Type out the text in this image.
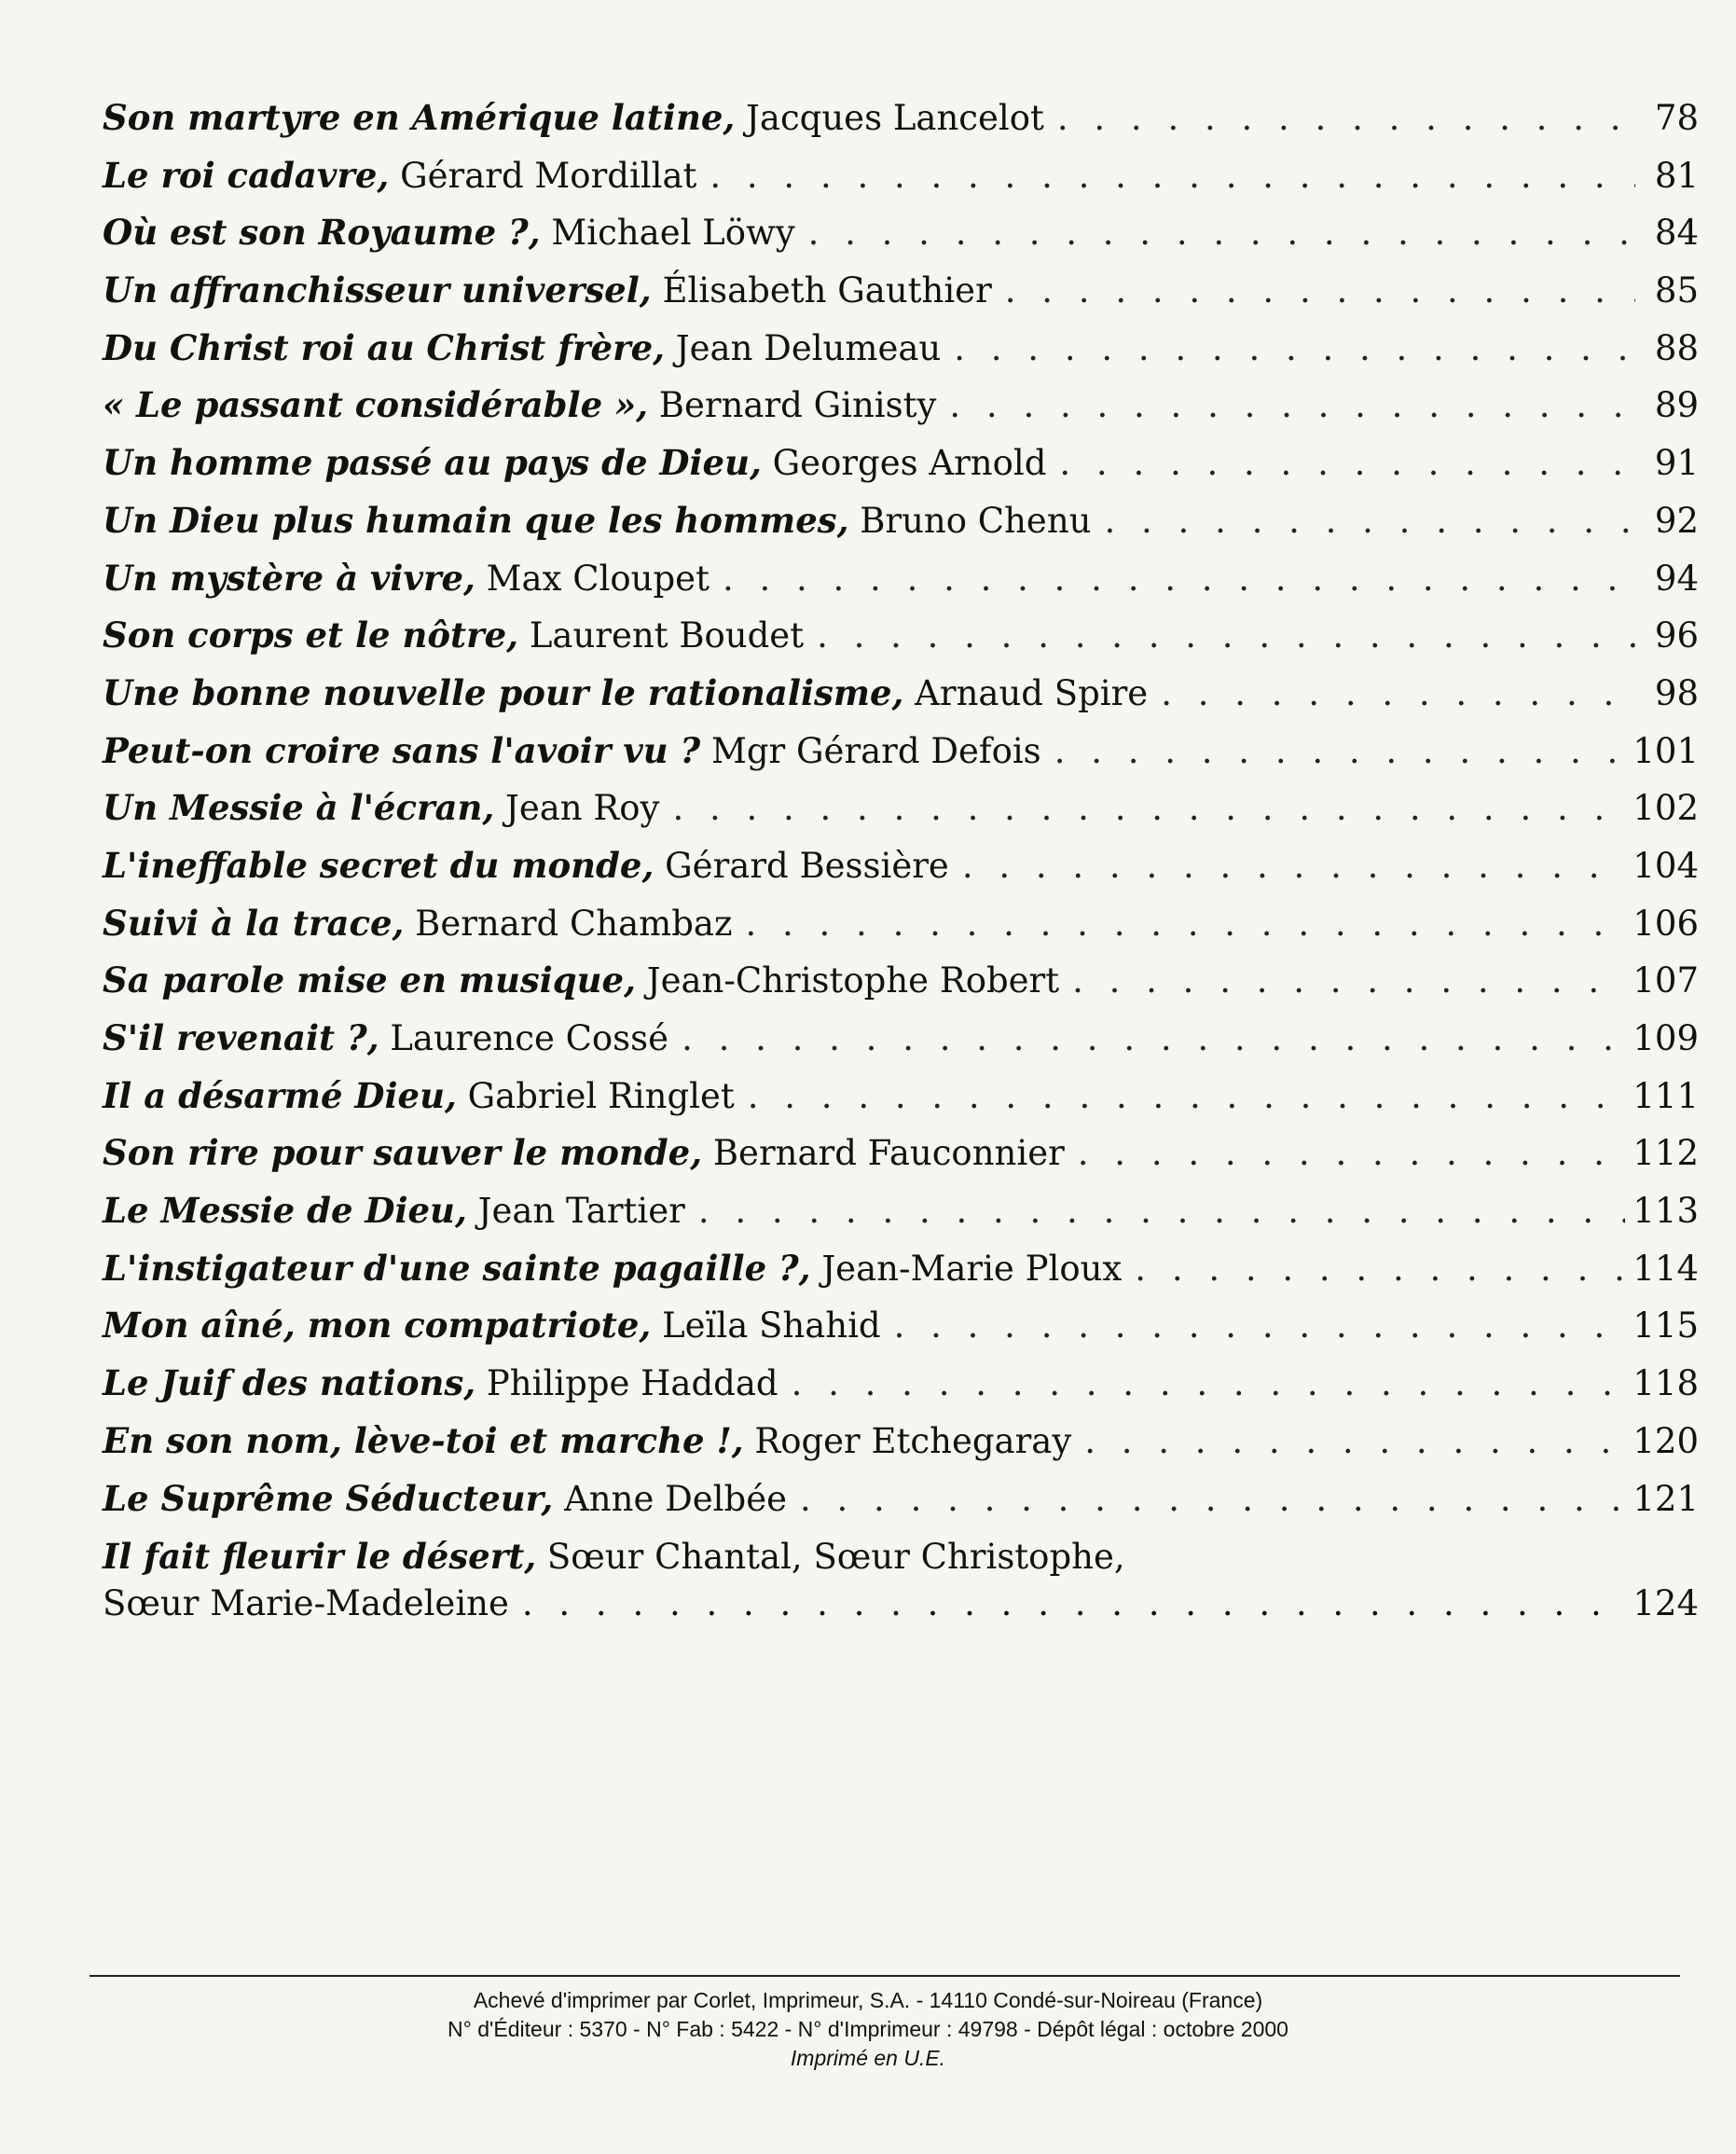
Son martyre en Amérique latine,
Jacques Lancelot . . .	78
Le roi cadavre,
Gérard Mordillat . . .	81
Où est son Royaume ?,
Michael Löwy . . .	84
Un affranchisseur universel,
Élisabeth Gauthier . . .	85
Du Christ roi au Christ frère,
Jean Delumeau . . .	88
« Le passant considérable »,
Bernard Ginisty . . .	89
Un homme passé au pays de Dieu,
Georges Arnold . . .	91
Un Dieu plus humain que les hommes,
Bruno Chenu . . .	92
Un mystère à vivre,
Max Cloupet . . .	94
Son corps et le nôtre,
Laurent Boudet . . .	96
Une bonne nouvelle pour le rationalisme,
Arnaud Spire . . .	98
Peut-on croire sans l'avoir vu ?
Mgr Gérard Defois . . .	101
Un Messie à l'écran,
Jean Roy . . .	102
L'ineffable secret du monde,
Gérard Bessière . . .	104
Suivi à la trace,
Bernard Chambaz . . .	106
Sa parole mise en musique,
Jean-Christophe Robert . . .	107
S'il revenait ?,
Laurence Cossé . . .	109
Il a désarmé Dieu,
Gabriel Ringlet . . .	111
Son rire pour sauver le monde,
Bernard Fauconnier . . .	112
Le Messie de Dieu,
Jean Tartier . . .	113
L'instigateur d'une sainte pagaille ?,
Jean-Marie Ploux . . .	114
Mon aîné, mon compatriote,
Leïla Shahid . . .	115
Le Juif des nations,
Philippe Haddad . . .	118
En son nom, lève-toi et marche !,
Roger Etchegaray . . .	120
Le Suprême Séducteur,
Anne Delbée . . .	121
Il fait fleurir le désert, Sœur Chantal, Sœur Christophe,
Sœur Marie-Madeleine . . .	124
Achevé d'imprimer par Corlet, Imprimeur, S.A. - 14110 Condé-sur-Noireau (France)
N° d'Éditeur : 5370 - N° Fab : 5422 - N° d'Imprimeur : 49798 - Dépôt légal : octobre 2000
Imprimé en U.E.
